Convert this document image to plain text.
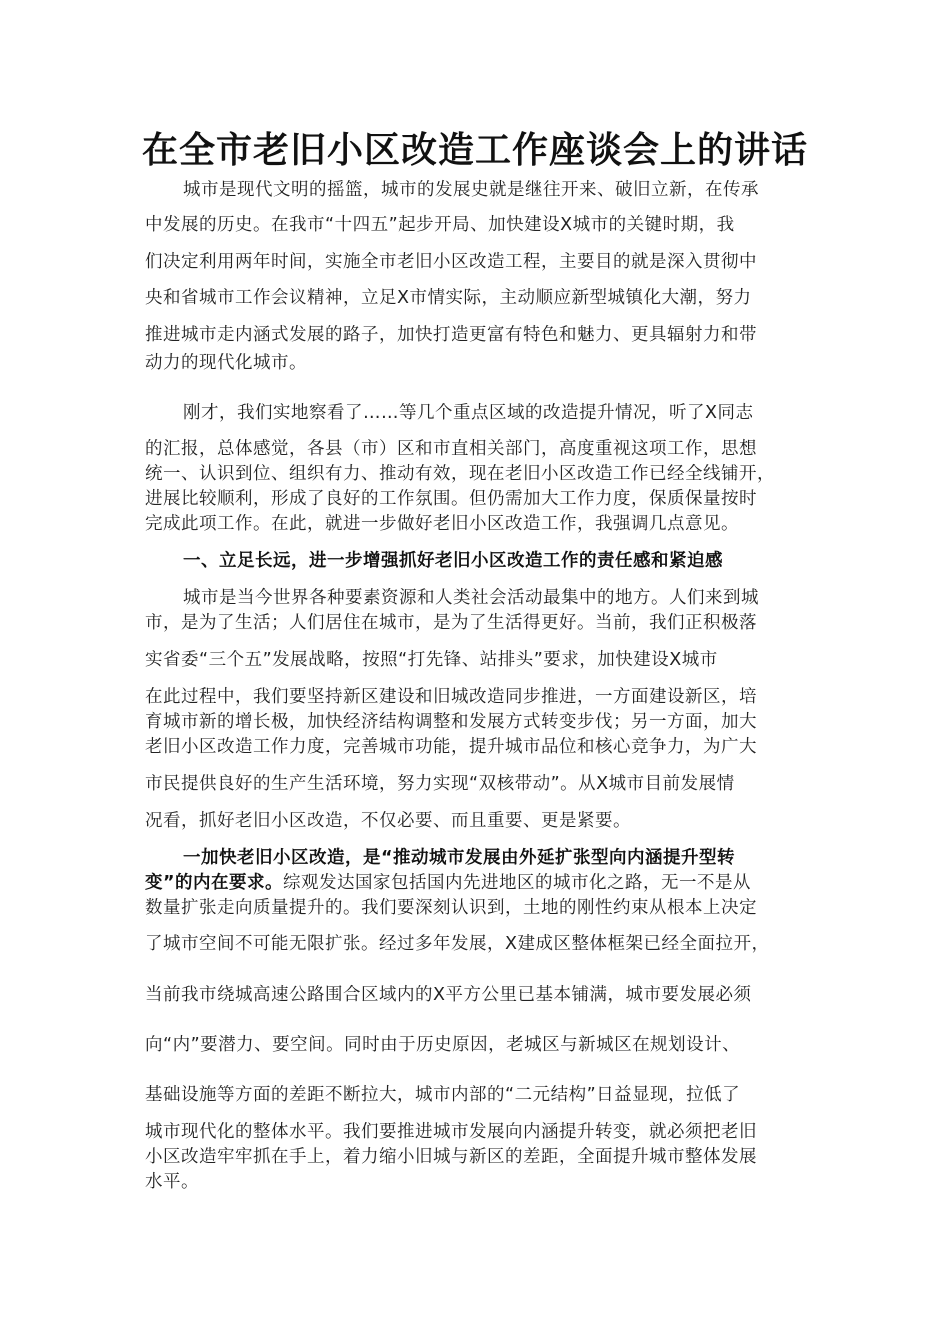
在全市老旧小区改造工作座谈会上的讲话
城市是现代文明的摇篮，城市的发展史就是继往开来、破旧立新，在传承
中发展的历史。在我市“十四五”起步开局、加快建设X城市的关键时期，我
们决定利用两年时间，实施全市老旧小区改造工程，主要目的就是深入贯彻中
央和省城市工作会议精神，立足X市情实际，主动顺应新型城镇化大潮，努力
推进城市走内涵式发展的路子，加快打造更富有特色和魅力、更具辐射力和带
动力的现代化城市。
刚才，我们实地察看了……等几个重点区域的改造提升情况，听了X同志
的汇报，总体感觉，各县（市）区和市直相关部门，高度重视这项工作，思想
统一、认识到位、组织有力、推动有效，现在老旧小区改造工作已经全线铺开，
进展比较顺利，形成了良好的工作氛围。但仍需加大工作力度，保质保量按时
完成此项工作。在此，就进一步做好老旧小区改造工作，我强调几点意见。
一、立足长远，进一步增强抓好老旧小区改造工作的责任感和紧迫感
城市是当今世界各种要素资源和人类社会活动最集中的地方。人们来到城
市，是为了生活；人们居住在城市，是为了生活得更好。当前，我们正积极落
实省委“三个五”发展战略，按照“打先锋、站排头”要求，加快建设X城市
在此过程中，我们要坚持新区建设和旧城改造同步推进，一方面建设新区，培
育城市新的增长极，加快经济结构调整和发展方式转变步伐；另一方面，加大
老旧小区改造工作力度，完善城市功能，提升城市品位和核心竞争力，为广大
市民提供良好的生产生活环境，努力实现“双核带动”。从X城市目前发展情
况看，抓好老旧小区改造，不仅必要、而且重要、更是紧要。
一加快老旧小区改造，是“推动城市发展由外延扩张型向内涵提升型转
变”的内在要求。综观发达国家包括国内先进地区的城市化之路，无一不是从
数量扩张走向质量提升的。我们要深刻认识到，土地的刚性约束从根本上决定
了城市空间不可能无限扩张。经过多年发展，X建成区整体框架已经全面拉开，
当前我市绕城高速公路围合区域内的X平方公里已基本铺满，城市要发展必须
向“内”要潜力、要空间。同时由于历史原因，老城区与新城区在规划设计、
基础设施等方面的差距不断拉大，城市内部的“二元结构”日益显现，拉低了
城市现代化的整体水平。我们要推进城市发展向内涵提升转变，就必须把老旧
小区改造牢牢抓在手上，着力缩小旧城与新区的差距，全面提升城市整体发展
水平。
